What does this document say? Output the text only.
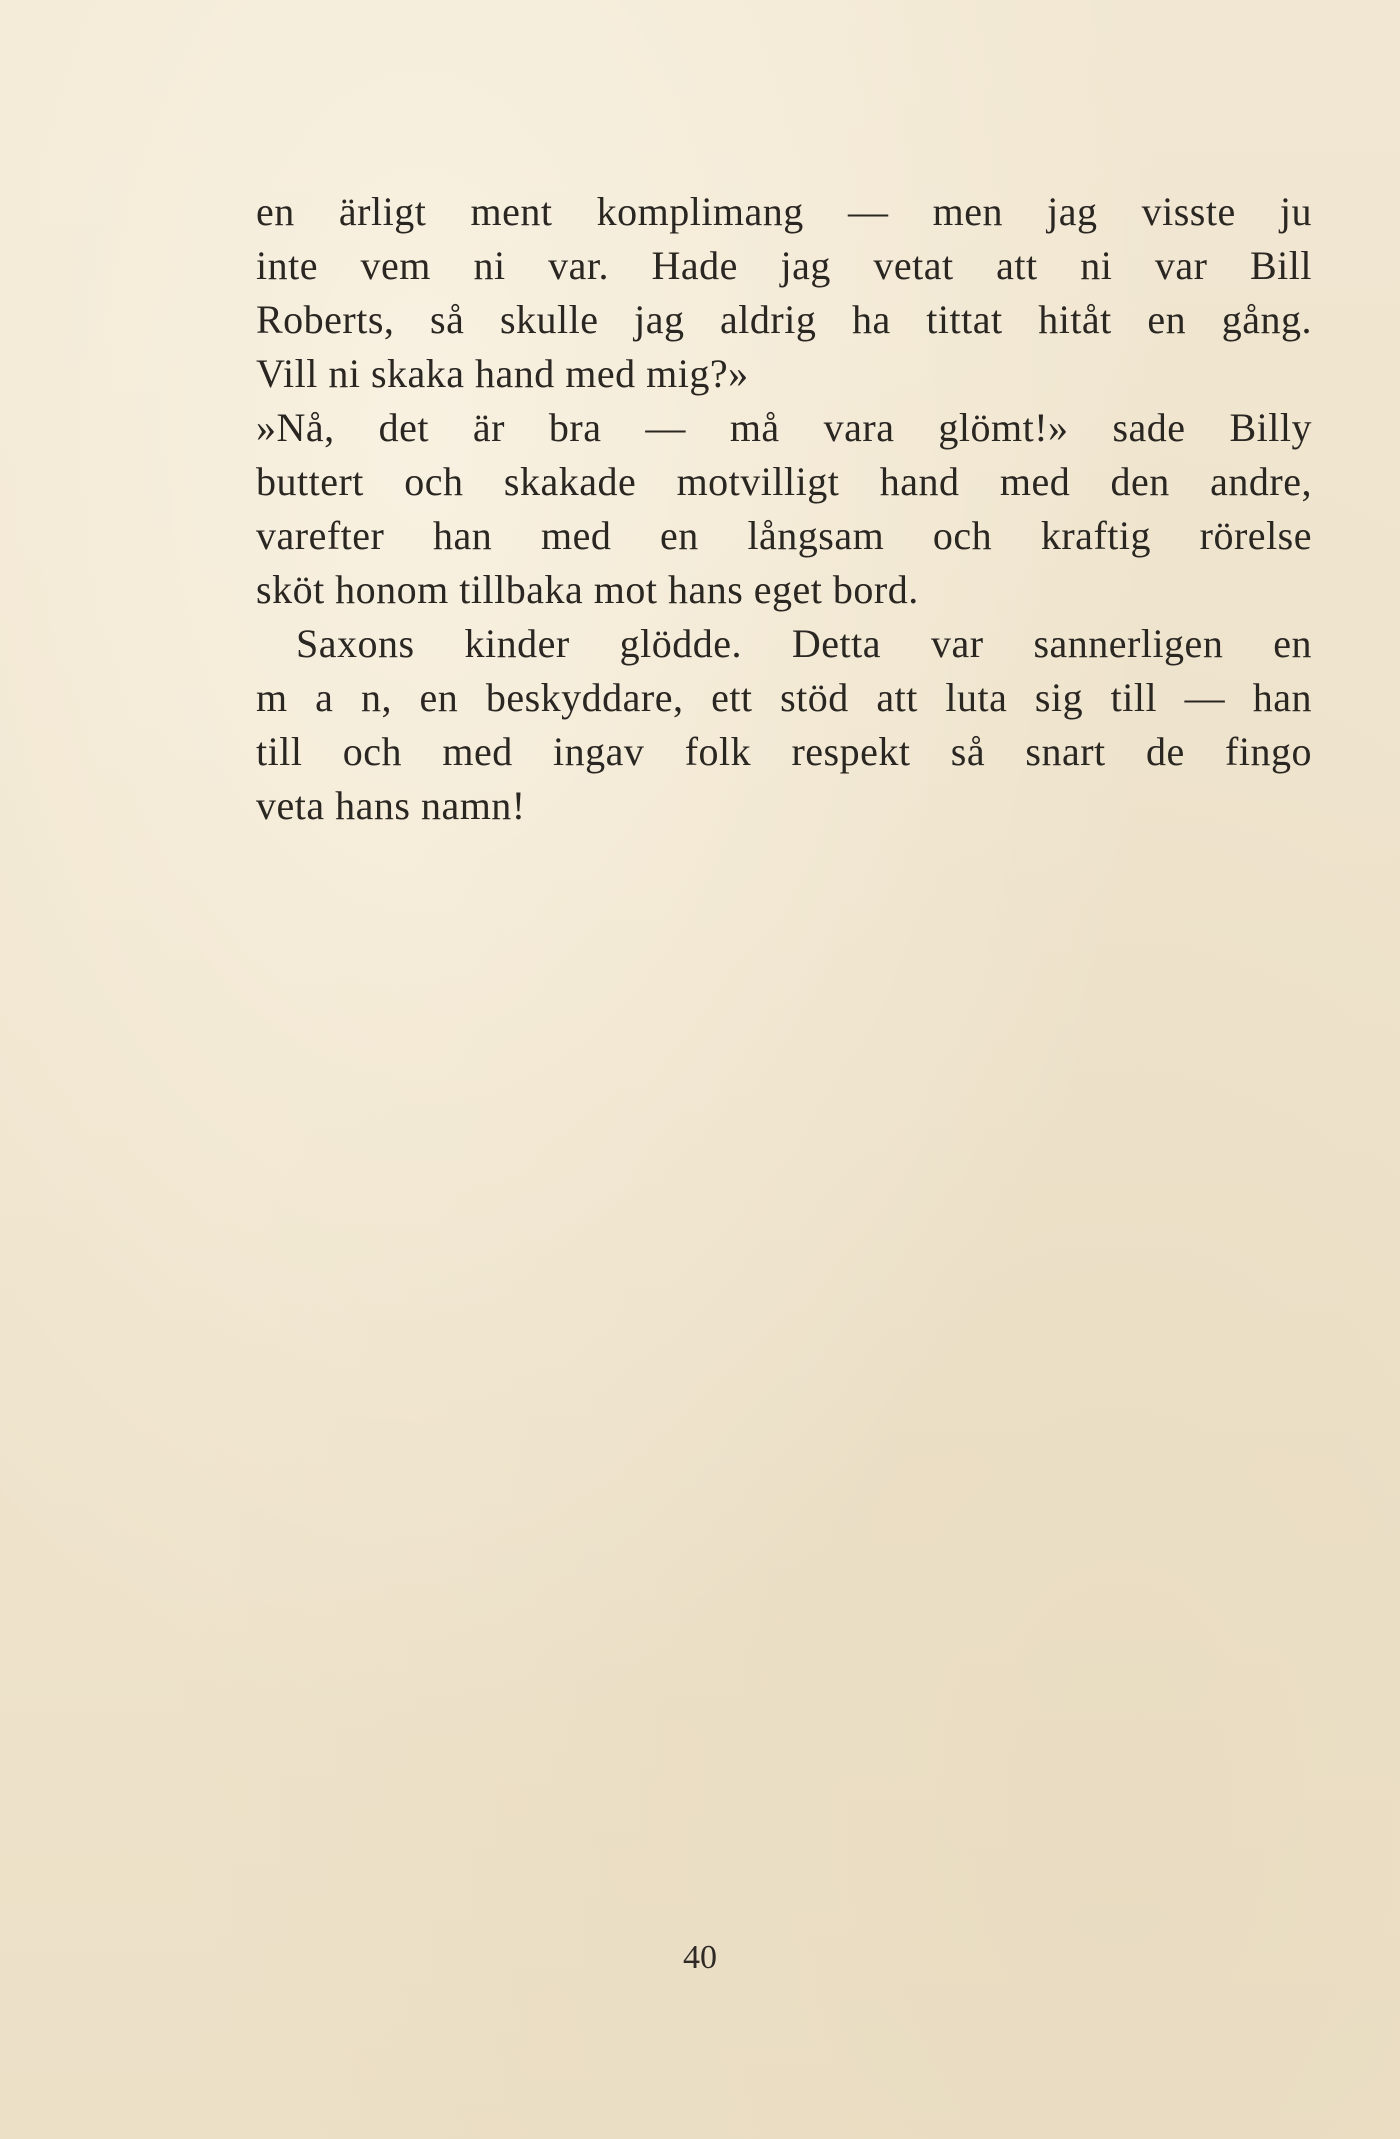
en ärligt ment komplimang — men jag visste ju
inte vem ni var. Hade jag vetat att ni var Bill
Roberts, så skulle jag aldrig ha tittat hitåt en gång.
Vill ni skaka hand med mig?»
»Nå, det är bra — må vara glömt!» sade Billy
buttert och skakade motvilligt hand med den andre,
varefter han med en långsam och kraftig rörelse
sköt honom tillbaka mot hans eget bord.
Saxons kinder glödde. Detta var sannerligen en
m a n, en beskyddare, ett stöd att luta sig till — han
till och med ingav folk respekt så snart de fingo
veta hans namn!
40
